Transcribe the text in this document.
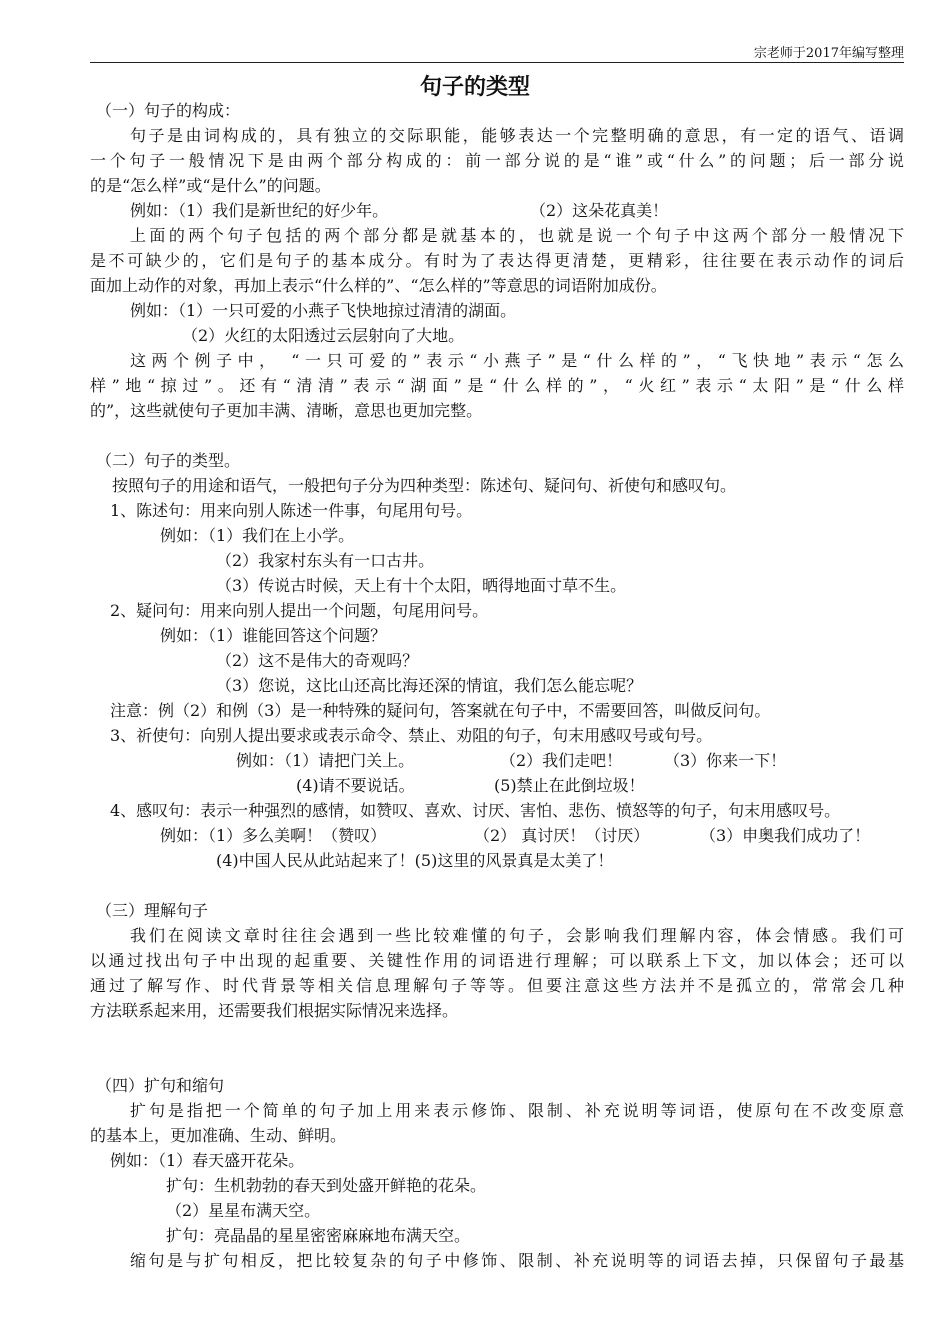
宗老师于2017年编写整理
句子的类型
（一）句子的构成：
句子是由词构成的，具有独立的交际职能，能够表达一个完整明确的意思，有一定的语气、语调
一个句子一般情况下是由两个部分构成的：前一部分说的是“谁”或“什么”的问题；后一部分说
的是“怎么样”或“是什么”的问题。
例如：（1）我们是新世纪的好少年。	（2）这朵花真美！
上面的两个句子包括的两个部分都是就基本的，也就是说一个句子中这两个部分一般情况下
是不可缺少的，它们是句子的基本成分。有时为了表达得更清楚，更精彩，往往要在表示动作的词后
面加上动作的对象，再加上表示“什么样的”、“怎么样的”等意思的词语附加成份。
例如：（1）一只可爱的小燕子飞快地掠过清清的湖面。
（2）火红的太阳透过云层射向了大地。
这两个例子中， “一只可爱的”表示“小燕子”是“什么样的”，“飞快地”表示“怎么
样”地“掠过”。还有“清清”表示“湖面”是“什么样的”，“火红”表示“太阳”是“什么样
的”，这些就使句子更加丰满、清晰，意思也更加完整。
（二）句子的类型。
按照句子的用途和语气，一般把句子分为四种类型：陈述句、疑问句、祈使句和感叹句。
1、陈述句：用来向别人陈述一件事，句尾用句号。
例如：（1）我们在上小学。
（2）我家村东头有一口古井。
（3）传说古时候，天上有十个太阳，晒得地面寸草不生。
2、疑问句：用来向别人提出一个问题，句尾用问号。
例如：（1）谁能回答这个问题？
（2）这不是伟大的奇观吗？
（3）您说，这比山还高比海还深的情谊，我们怎么能忘呢？
注意：例（2）和例（3）是一种特殊的疑问句，答案就在句子中，不需要回答，叫做反问句。
3、祈使句：向别人提出要求或表示命令、禁止、劝阻的句子，句末用感叹号或句号。
例如：（1）请把门关上。	（2）我们走吧！	（3）你来一下！
(4)请不要说话。	(5)禁止在此倒垃圾！
4、感叹句：表示一种强烈的感情，如赞叹、喜欢、讨厌、害怕、悲伤、愤怒等的句子，句末用感叹号。
例如：（1）多么美啊！（赞叹）	（2） 真讨厌！（讨厌）	（3）申奥我们成功了！
(4)中国人民从此站起来了！(5)这里的风景真是太美了！
（三）理解句子
我们在阅读文章时往往会遇到一些比较难懂的句子，会影响我们理解内容，体会情感。我们可
以通过找出句子中出现的起重要、关键性作用的词语进行理解；可以联系上下文，加以体会；还可以
通过了解写作、时代背景等相关信息理解句子等等。但要注意这些方法并不是孤立的，常常会几种
方法联系起来用，还需要我们根据实际情况来选择。
（四）扩句和缩句
扩句是指把一个简单的句子加上用来表示修饰、限制、补充说明等词语，使原句在不改变原意
的基本上，更加准确、生动、鲜明。
例如：（1）春天盛开花朵。
扩句：生机勃勃的春天到处盛开鲜艳的花朵。
（2）星星布满天空。
扩句：亮晶晶的星星密密麻麻地布满天空。
缩句是与扩句相反，把比较复杂的句子中修饰、限制、补充说明等的词语去掉，只保留句子最基
